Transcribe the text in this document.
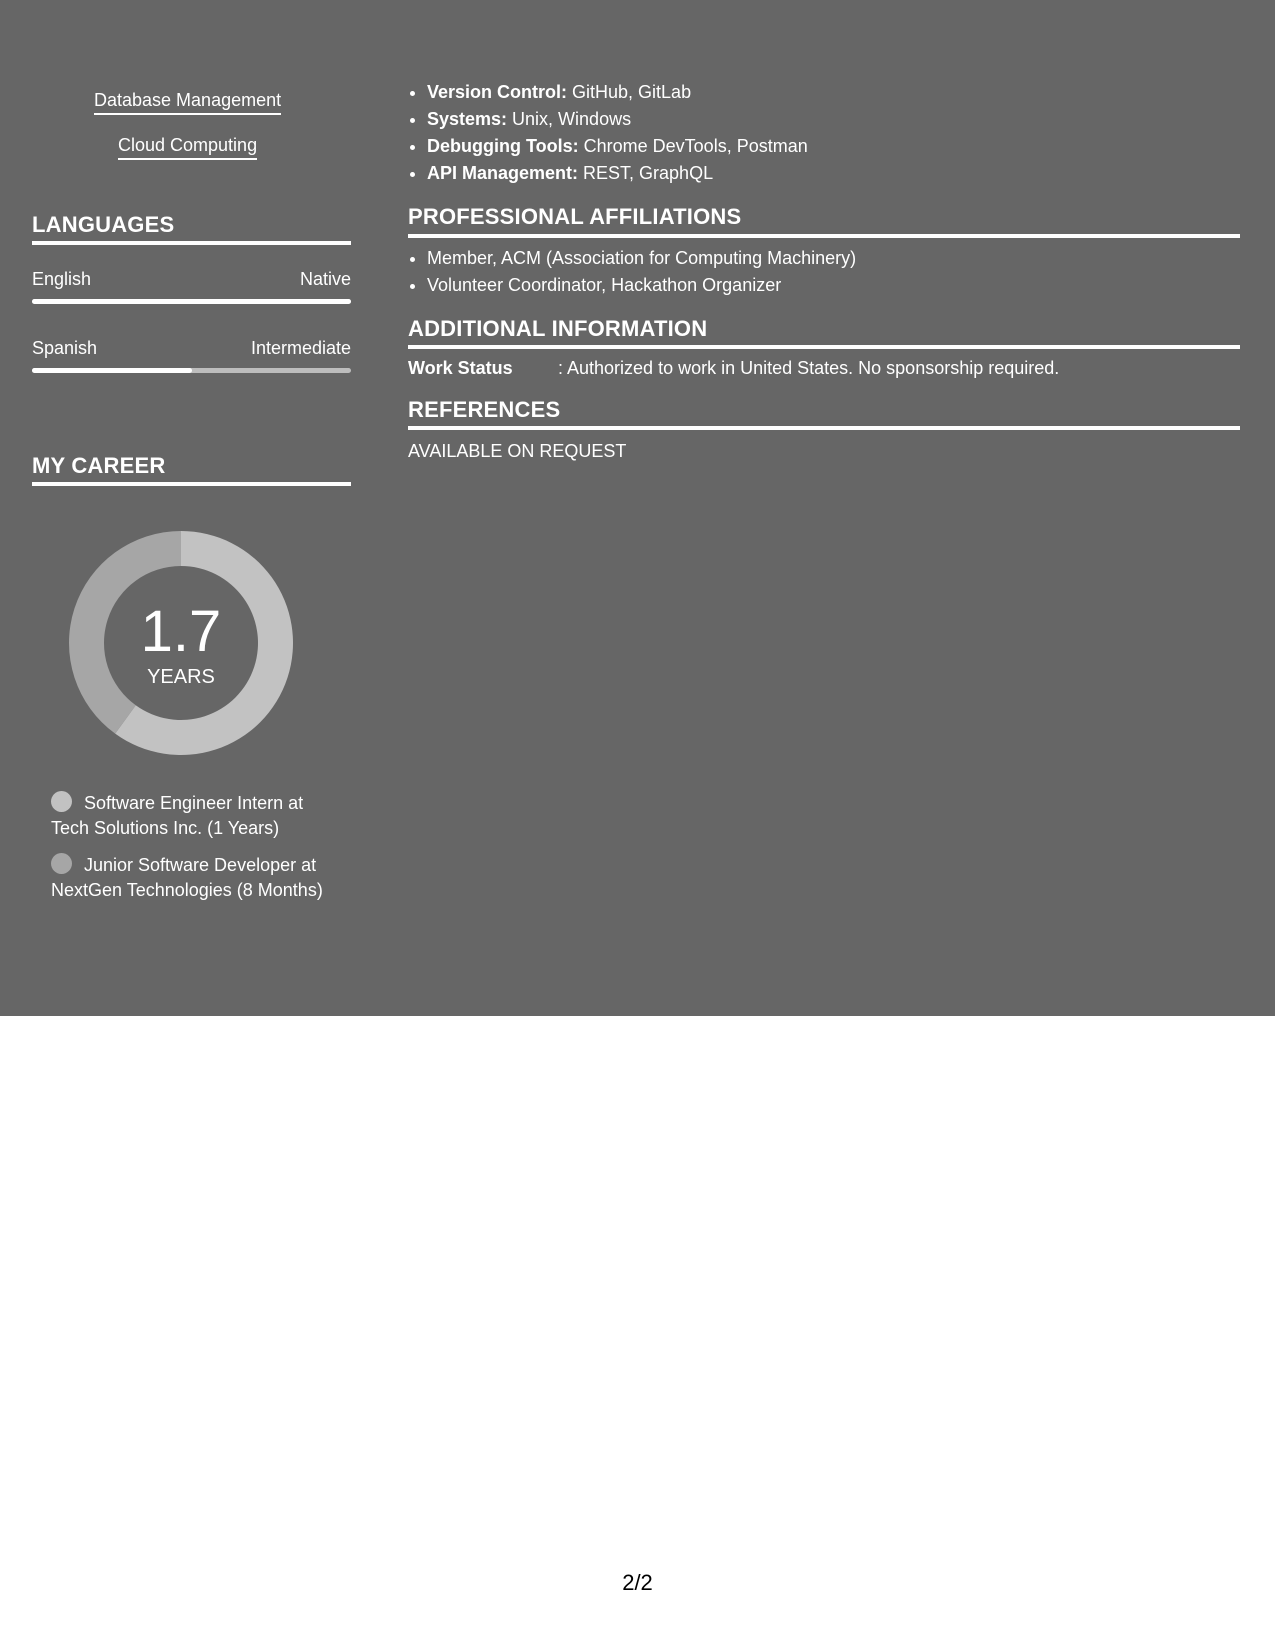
Database Management
Cloud Computing
LANGUAGES
English	Native
Spanish	Intermediate
MY CAREER
1.7
YEARS
Software Engineer Intern at Tech Solutions Inc. (1 Years)
Junior Software Developer at NextGen Technologies (8 Months)
• Version Control: GitHub, GitLab
• Systems: Unix, Windows
• Debugging Tools: Chrome DevTools, Postman
• API Management: REST, GraphQL
PROFESSIONAL AFFILIATIONS
• Member, ACM (Association for Computing Machinery)
• Volunteer Coordinator, Hackathon Organizer
ADDITIONAL INFORMATION
Work Status	: Authorized to work in United States. No sponsorship required.
REFERENCES
AVAILABLE ON REQUEST
2/2
